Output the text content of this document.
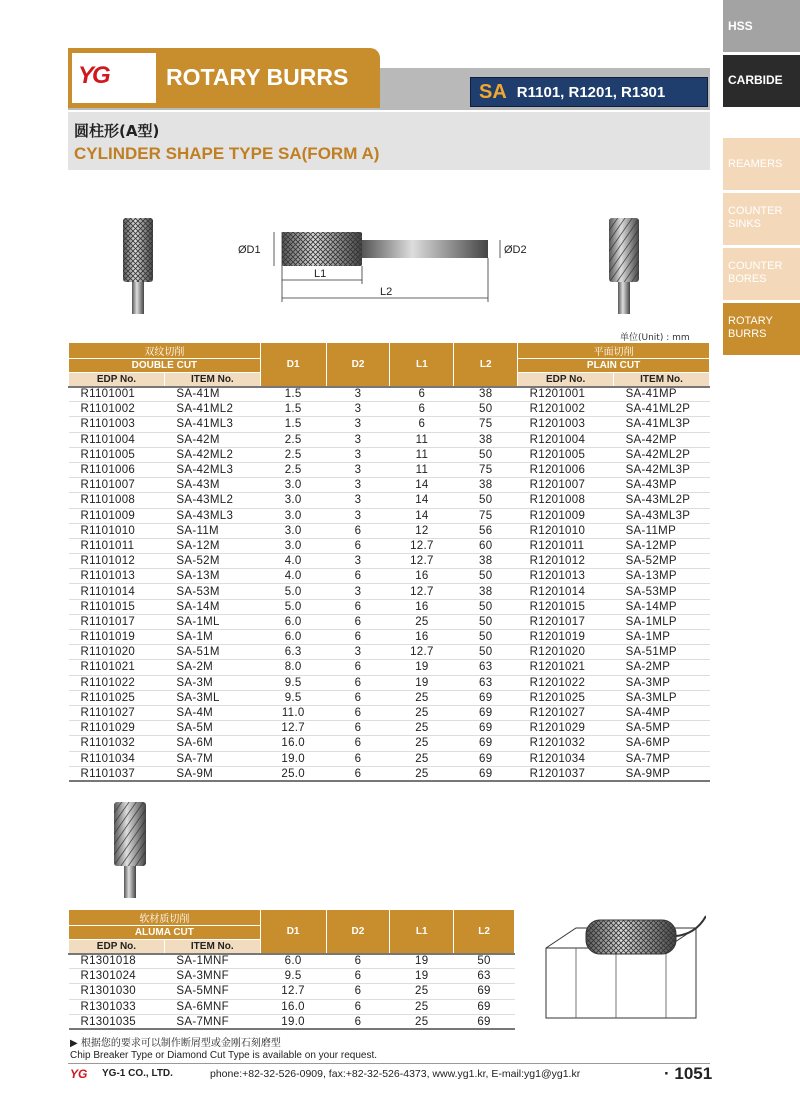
HSS
CARBIDE
REAMERS
COUNTER SINKS
COUNTER BORES
ROTARY BURRS
YG ROTARY BURRS
SA R1101, R1201, R1301
圆柱形(A型)
CYLINDER SHAPE TYPE SA(FORM A)
ØD1	ØD2
L1
L2
单位(Unit) : mm
双纹切削		D1	D2	L1	L2	平面切削	
DOUBLE CUT						PLAIN CUT	
EDP No.	ITEM No.					EDP No.	ITEM No.
R1101001	SA-41M	1.5	3	6	38	R1201001	SA-41MP
R1101002	SA-41ML2	1.5	3	6	50	R1201002	SA-41ML2P
R1101003	SA-41ML3	1.5	3	6	75	R1201003	SA-41ML3P
R1101004	SA-42M	2.5	3	11	38	R1201004	SA-42MP
R1101005	SA-42ML2	2.5	3	11	50	R1201005	SA-42ML2P
R1101006	SA-42ML3	2.5	3	11	75	R1201006	SA-42ML3P
R1101007	SA-43M	3.0	3	14	38	R1201007	SA-43MP
R1101008	SA-43ML2	3.0	3	14	50	R1201008	SA-43ML2P
R1101009	SA-43ML3	3.0	3	14	75	R1201009	SA-43ML3P
R1101010	SA-11M	3.0	6	12	56	R1201010	SA-11MP
R1101011	SA-12M	3.0	6	12.7	60	R1201011	SA-12MP
R1101012	SA-52M	4.0	3	12.7	38	R1201012	SA-52MP
R1101013	SA-13M	4.0	6	16	50	R1201013	SA-13MP
R1101014	SA-53M	5.0	3	12.7	38	R1201014	SA-53MP
R1101015	SA-14M	5.0	6	16	50	R1201015	SA-14MP
R1101017	SA-1ML	6.0	6	25	50	R1201017	SA-1MLP
R1101019	SA-1M	6.0	6	16	50	R1201019	SA-1MP
R1101020	SA-51M	6.3	3	12.7	50	R1201020	SA-51MP
R1101021	SA-2M	8.0	6	19	63	R1201021	SA-2MP
R1101022	SA-3M	9.5	6	19	63	R1201022	SA-3MP
R1101025	SA-3ML	9.5	6	25	69	R1201025	SA-3MLP
R1101027	SA-4M	11.0	6	25	69	R1201027	SA-4MP
R1101029	SA-5M	12.7	6	25	69	R1201029	SA-5MP
R1101032	SA-6M	16.0	6	25	69	R1201032	SA-6MP
R1101034	SA-7M	19.0	6	25	69	R1201034	SA-7MP
R1101037	SA-9M	25.0	6	25	69	R1201037	SA-9MP
软材质切削		D1	D2	L1	L2
ALUMA CUT					
EDP No.	ITEM No.				
R1301018	SA-1MNF	6.0	6	19	50
R1301024	SA-3MNF	9.5	6	19	63
R1301030	SA-5MNF	12.7	6	25	69
R1301033	SA-6MNF	16.0	6	25	69
R1301035	SA-7MNF	19.0	6	25	69
▶ 根据您的要求可以制作断屑型或金刚石刻磨型
Chip Breaker Type or Diamond Cut Type is available on your request.
YG YG-1 CO., LTD.	phone:+82-32-526-0909, fax:+82-32-526-4373, www.yg1.kr, E-mail:yg1@yg1.kr	· 1051
